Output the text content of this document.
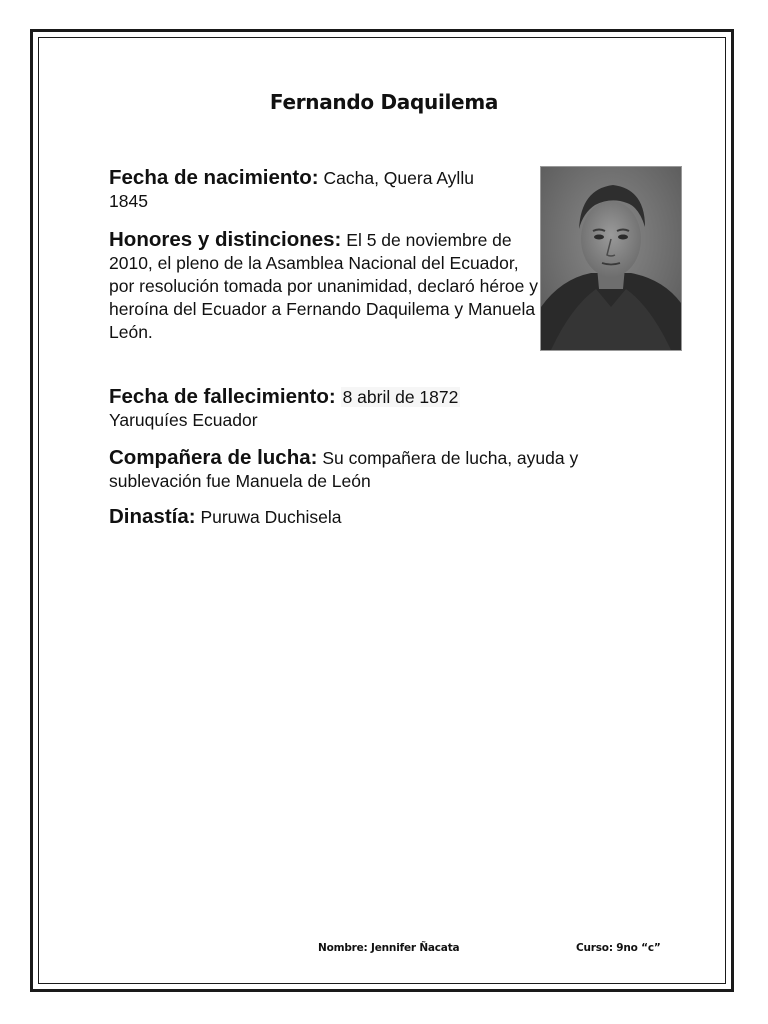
Fernando Daquilema

Fecha de nacimiento: Cacha, Quera Ayllu 1845

Honores y distinciones: El 5 de noviembre de 2010, el pleno de la Asamblea Nacional del Ecuador, por resolución tomada por unanimidad, declaró héroe y heroína del Ecuador a Fernando Daquilema y Manuela León.

Fecha de fallecimiento: 8 abril de 1872
Yaruquíes Ecuador

Compañera de lucha: Su compañera de lucha, ayuda y sublevación fue Manuela de León

Dinastía: Puruwa Duchisela

Nombre: Jennifer Ñacata	Curso: 9no “c”
